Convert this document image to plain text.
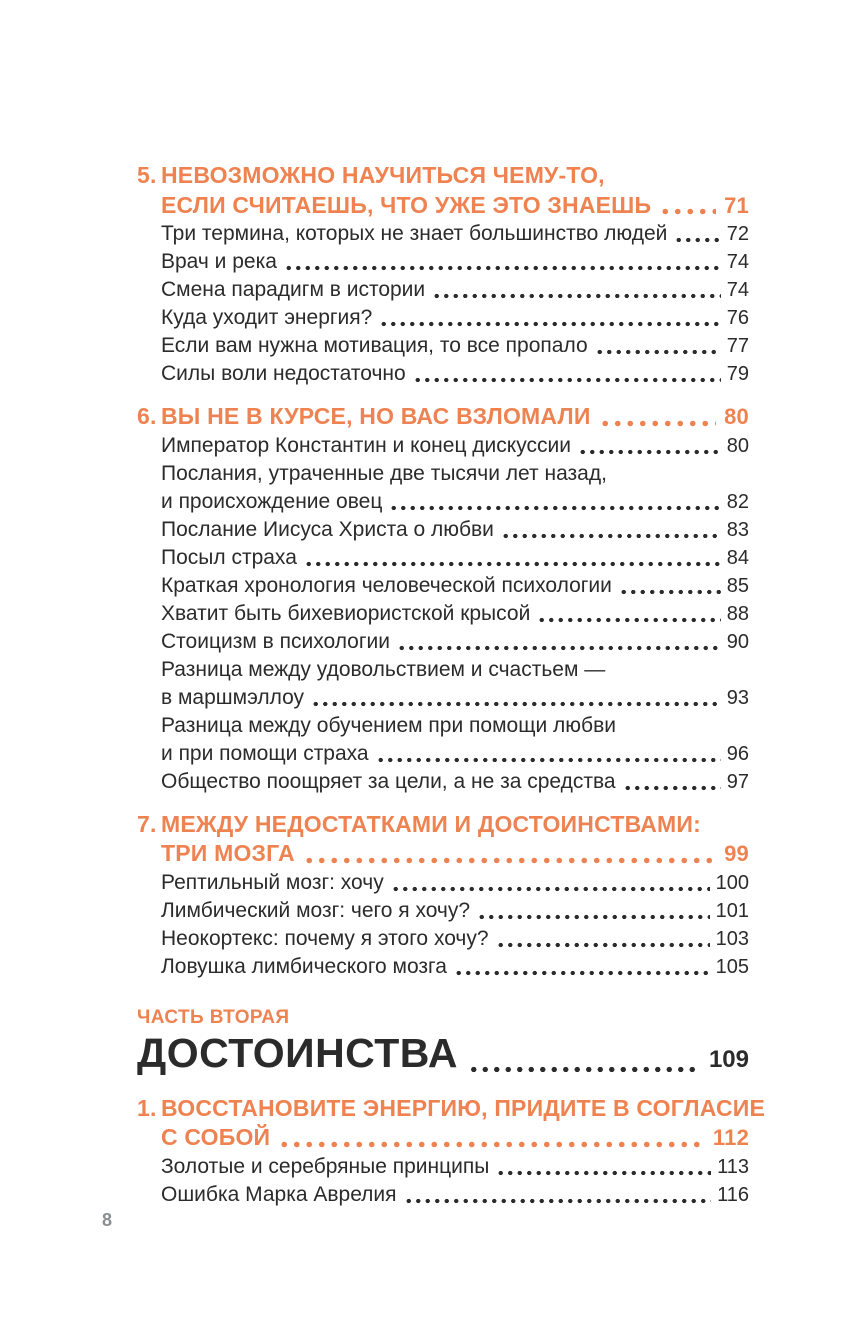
5. НЕВОЗМОЖНО НАУЧИТЬСЯ ЧЕМУ-ТО,
ЕСЛИ СЧИТАЕШЬ, ЧТО УЖЕ ЭТО ЗНАЕШЬ	71
Три термина, которых не знает большинство людей	72
Врач и река	74
Смена парадигм в истории	74
Куда уходит энергия?	76
Если вам нужна мотивация, то все пропало	77
Силы воли недостаточно	79
6. ВЫ НЕ В КУРСЕ, НО ВАС ВЗЛОМАЛИ	80
Император Константин и конец дискуссии	80
Послания, утраченные две тысячи лет назад,
и происхождение овец	82
Послание Иисуса Христа о любви	83
Посыл страха	84
Краткая хронология человеческой психологии	85
Хватит быть бихевиористской крысой	88
Стоицизм в психологии	90
Разница между удовольствием и счастьем —
в маршмэллоу	93
Разница между обучением при помощи любви
и при помощи страха	96
Общество поощряет за цели, а не за средства	97
7. МЕЖДУ НЕДОСТАТКАМИ И ДОСТОИНСТВАМИ:
ТРИ МОЗГА	99
Рептильный мозг: хочу	100
Лимбический мозг: чего я хочу?	101
Неокортекс: почему я этого хочу?	103
Ловушка лимбического мозга	105
ЧАСТЬ ВТОРАЯ
ДОСТОИНСТВА	109
1. ВОССТАНОВИТЕ ЭНЕРГИЮ, ПРИДИТЕ В СОГЛАСИЕ
С СОБОЙ	112
Золотые и серебряные принципы	113
Ошибка Марка Аврелия	116
8
